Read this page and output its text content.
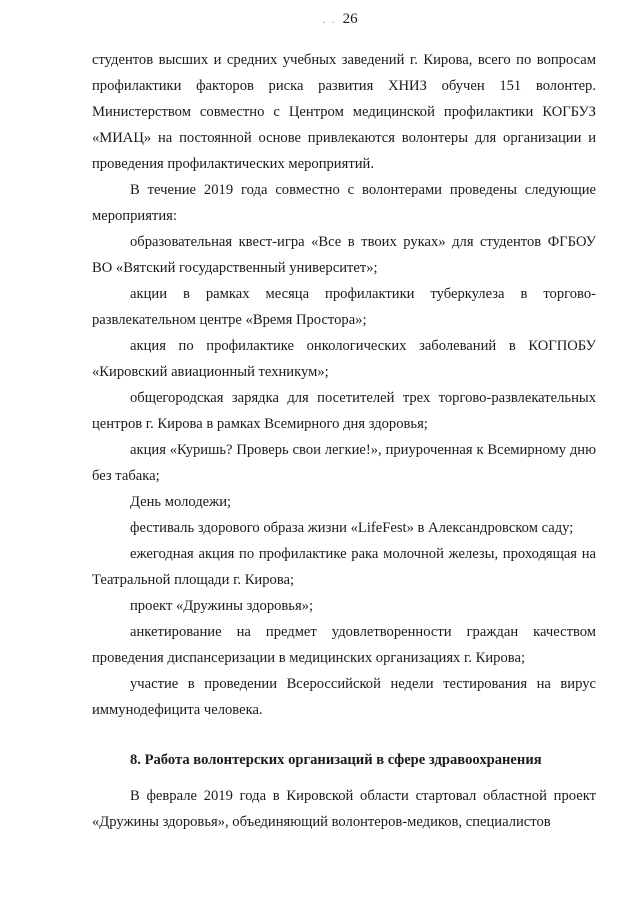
. . 26

студентов высших и средних учебных заведений г. Кирова, всего по вопросам профилактики факторов риска развития ХНИЗ обучен 151 волонтер. Министерством совместно с Центром медицинской профилактики КОГБУЗ «МИАЦ» на постоянной основе привлекаются волонтеры для организации и проведения профилактических мероприятий.

В течение 2019 года совместно с волонтерами проведены следующие мероприятия:

образовательная квест-игра «Все в твоих руках» для студентов ФГБОУ ВО «Вятский государственный университет»;

акции в рамках месяца профилактики туберкулеза в торгово-развлекательном центре «Время Простора»;

акция по профилактике онкологических заболеваний в КОГПОБУ «Кировский авиационный техникум»;

общегородская зарядка для посетителей трех торгово-развлекательных центров г. Кирова в рамках Всемирного дня здоровья;

акция «Куришь? Проверь свои легкие!», приуроченная к Всемирному дню без табака;

День молодежи;

фестиваль здорового образа жизни «LifeFest» в Александровском саду;

ежегодная акция по профилактике рака молочной железы, проходящая на Театральной площади г. Кирова;

проект «Дружины здоровья»;

анкетирование на предмет удовлетворенности граждан качеством проведения диспансеризации в медицинских организациях г. Кирова;

участие в проведении Всероссийской недели тестирования на вирус иммунодефицита человека.

8. Работа волонтерских организаций в сфере здравоохранения

В феврале 2019 года в Кировской области стартовал областной проект «Дружины здоровья», объединяющий волонтеров-медиков, специалистов
